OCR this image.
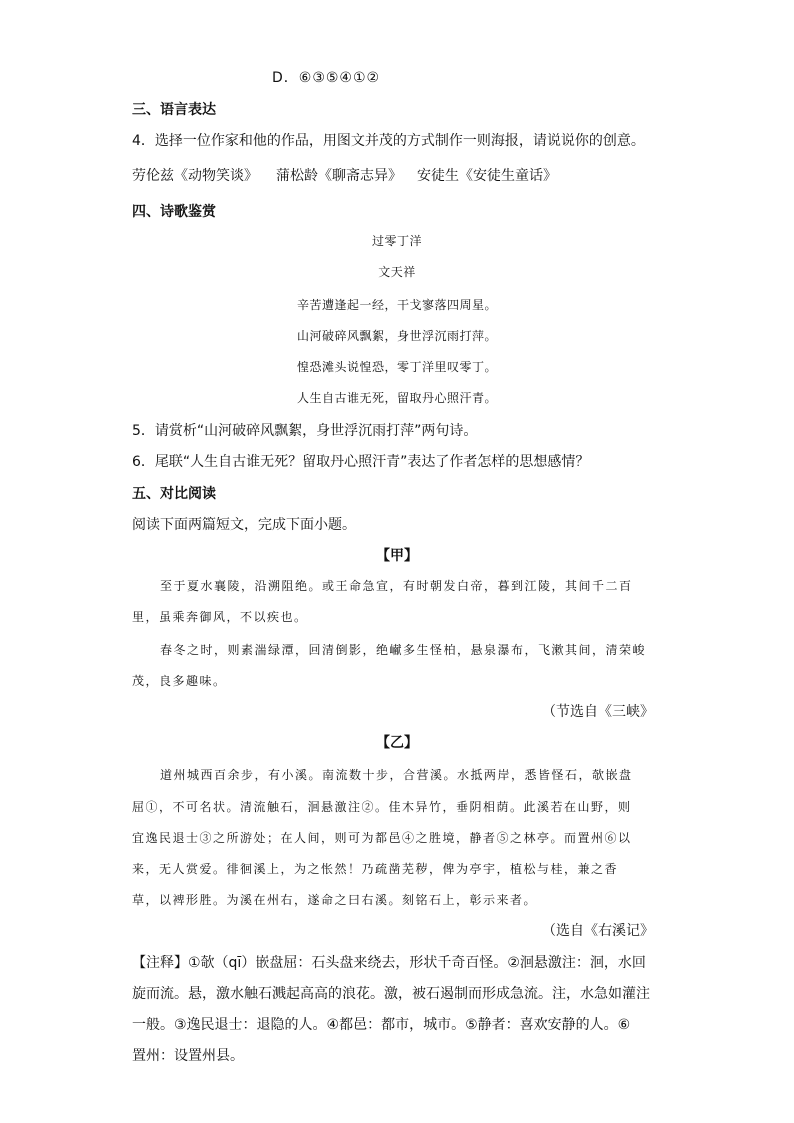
D．⑥③⑤④①②
三、语言表达
4．选择一位作家和他的作品，用图文并茂的方式制作一则海报，请说说你的创意。
劳伦兹《动物笑谈》 蒲松龄《聊斋志异》 安徒生《安徒生童话》
四、诗歌鉴赏
过零丁洋
文天祥
辛苦遭逢起一经，干戈寥落四周星。
山河破碎风飘絮，身世浮沉雨打萍。
惶恐滩头说惶恐，零丁洋里叹零丁。
人生自古谁无死，留取丹心照汗青。
5．请赏析“山河破碎风飘絮，身世浮沉雨打萍”两句诗。
6．尾联“人生自古谁无死？留取丹心照汗青”表达了作者怎样的思想感情？
五、对比阅读
阅读下面两篇短文，完成下面小题。
【甲】
至于夏水襄陵，沿溯阻绝。或王命急宣，有时朝发白帝，暮到江陵，其间千二百
里，虽乘奔御风，不以疾也。
春冬之时，则素湍绿潭，回清倒影，绝𪩘多生怪柏，悬泉瀑布，飞漱其间，清荣峻
茂，良多趣味。
（节选自《三峡》
【乙】
道州城西百余步，有小溪。南流数十步，合营溪。水抵两岸，悉皆怪石，欹嵌盘
屈①，不可名状。清流触石，洄悬激注②。佳木异竹，垂阴相荫。此溪若在山野，则
宜逸民退士③之所游处；在人间，则可为都邑④之胜境，静者⑤之林亭。而置州⑥以
来，无人赏爱。徘徊溪上，为之怅然！乃疏凿芜秽，俾为亭宇，植松与桂，兼之香
草，以裨形胜。为溪在州右，遂命之曰右溪。刻铭石上，彰示来者。
（选自《右溪记》
【注释】①欹（qī）嵌盘屈：石头盘来绕去，形状千奇百怪。②洄悬激注：洄，水回
旋而流。悬，激水触石溅起高高的浪花。激，被石遏制而形成急流。注，水急如灌注
一般。③逸民退士：退隐的人。④都邑：都市，城市。⑤静者：喜欢安静的人。⑥
置州：设置州县。
